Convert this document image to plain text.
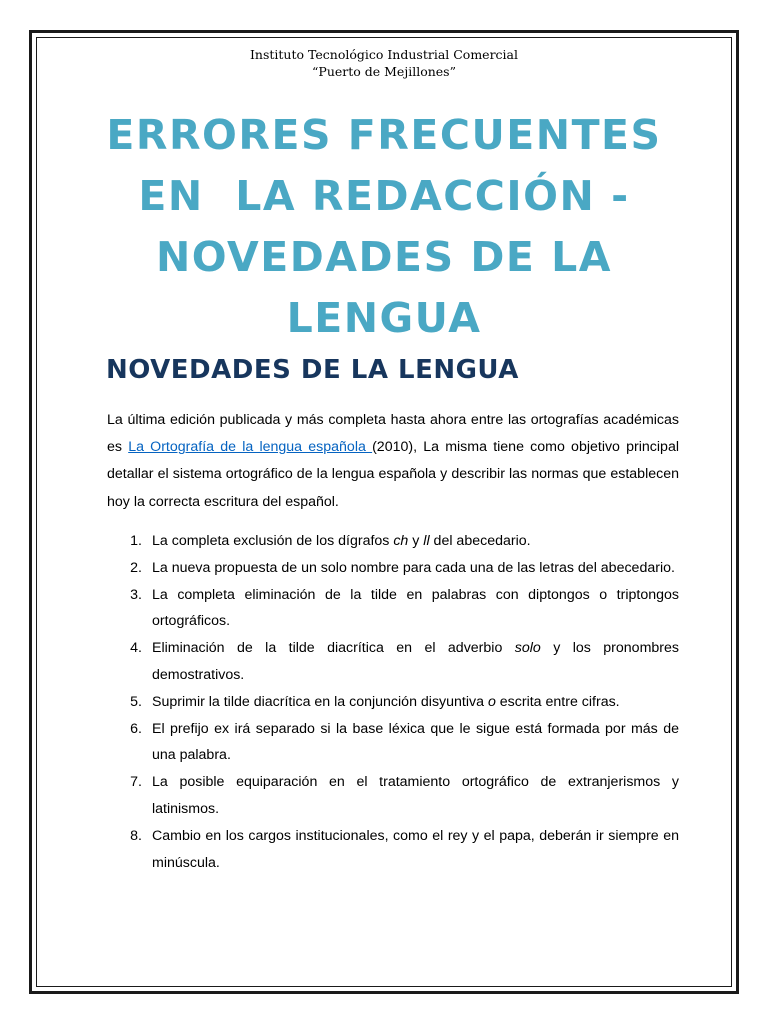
Instituto Tecnológico Industrial Comercial
“Puerto de Mejillones”
ERRORES FRECUENTES
EN  LA REDACCIÓN -
NOVEDADES DE LA
LENGUA
NOVEDADES DE LA LENGUA

La última edición publicada y más completa hasta ahora entre las ortografías académicas es La Ortografía de la lengua española (2010), La misma tiene como objetivo principal detallar el sistema ortográfico de la lengua española y describir las normas que establecen hoy la correcta escritura del español.

1. La completa exclusión de los dígrafos ch y ll del abecedario.
2. La nueva propuesta de un solo nombre para cada una de las letras del abecedario.
3. La completa eliminación de la tilde en palabras con diptongos o triptongos ortográficos.
4. Eliminación de la tilde diacrítica en el adverbio solo y los pronombres demostrativos.
5. Suprimir la tilde diacrítica en la conjunción disyuntiva o escrita entre cifras.
6. El prefijo ex irá separado si la base léxica que le sigue está formada por más de una palabra.
7. La posible equiparación en el tratamiento ortográfico de extranjerismos y latinismos.
8. Cambio en los cargos institucionales, como el rey y el papa, deberán ir siempre en minúscula.
